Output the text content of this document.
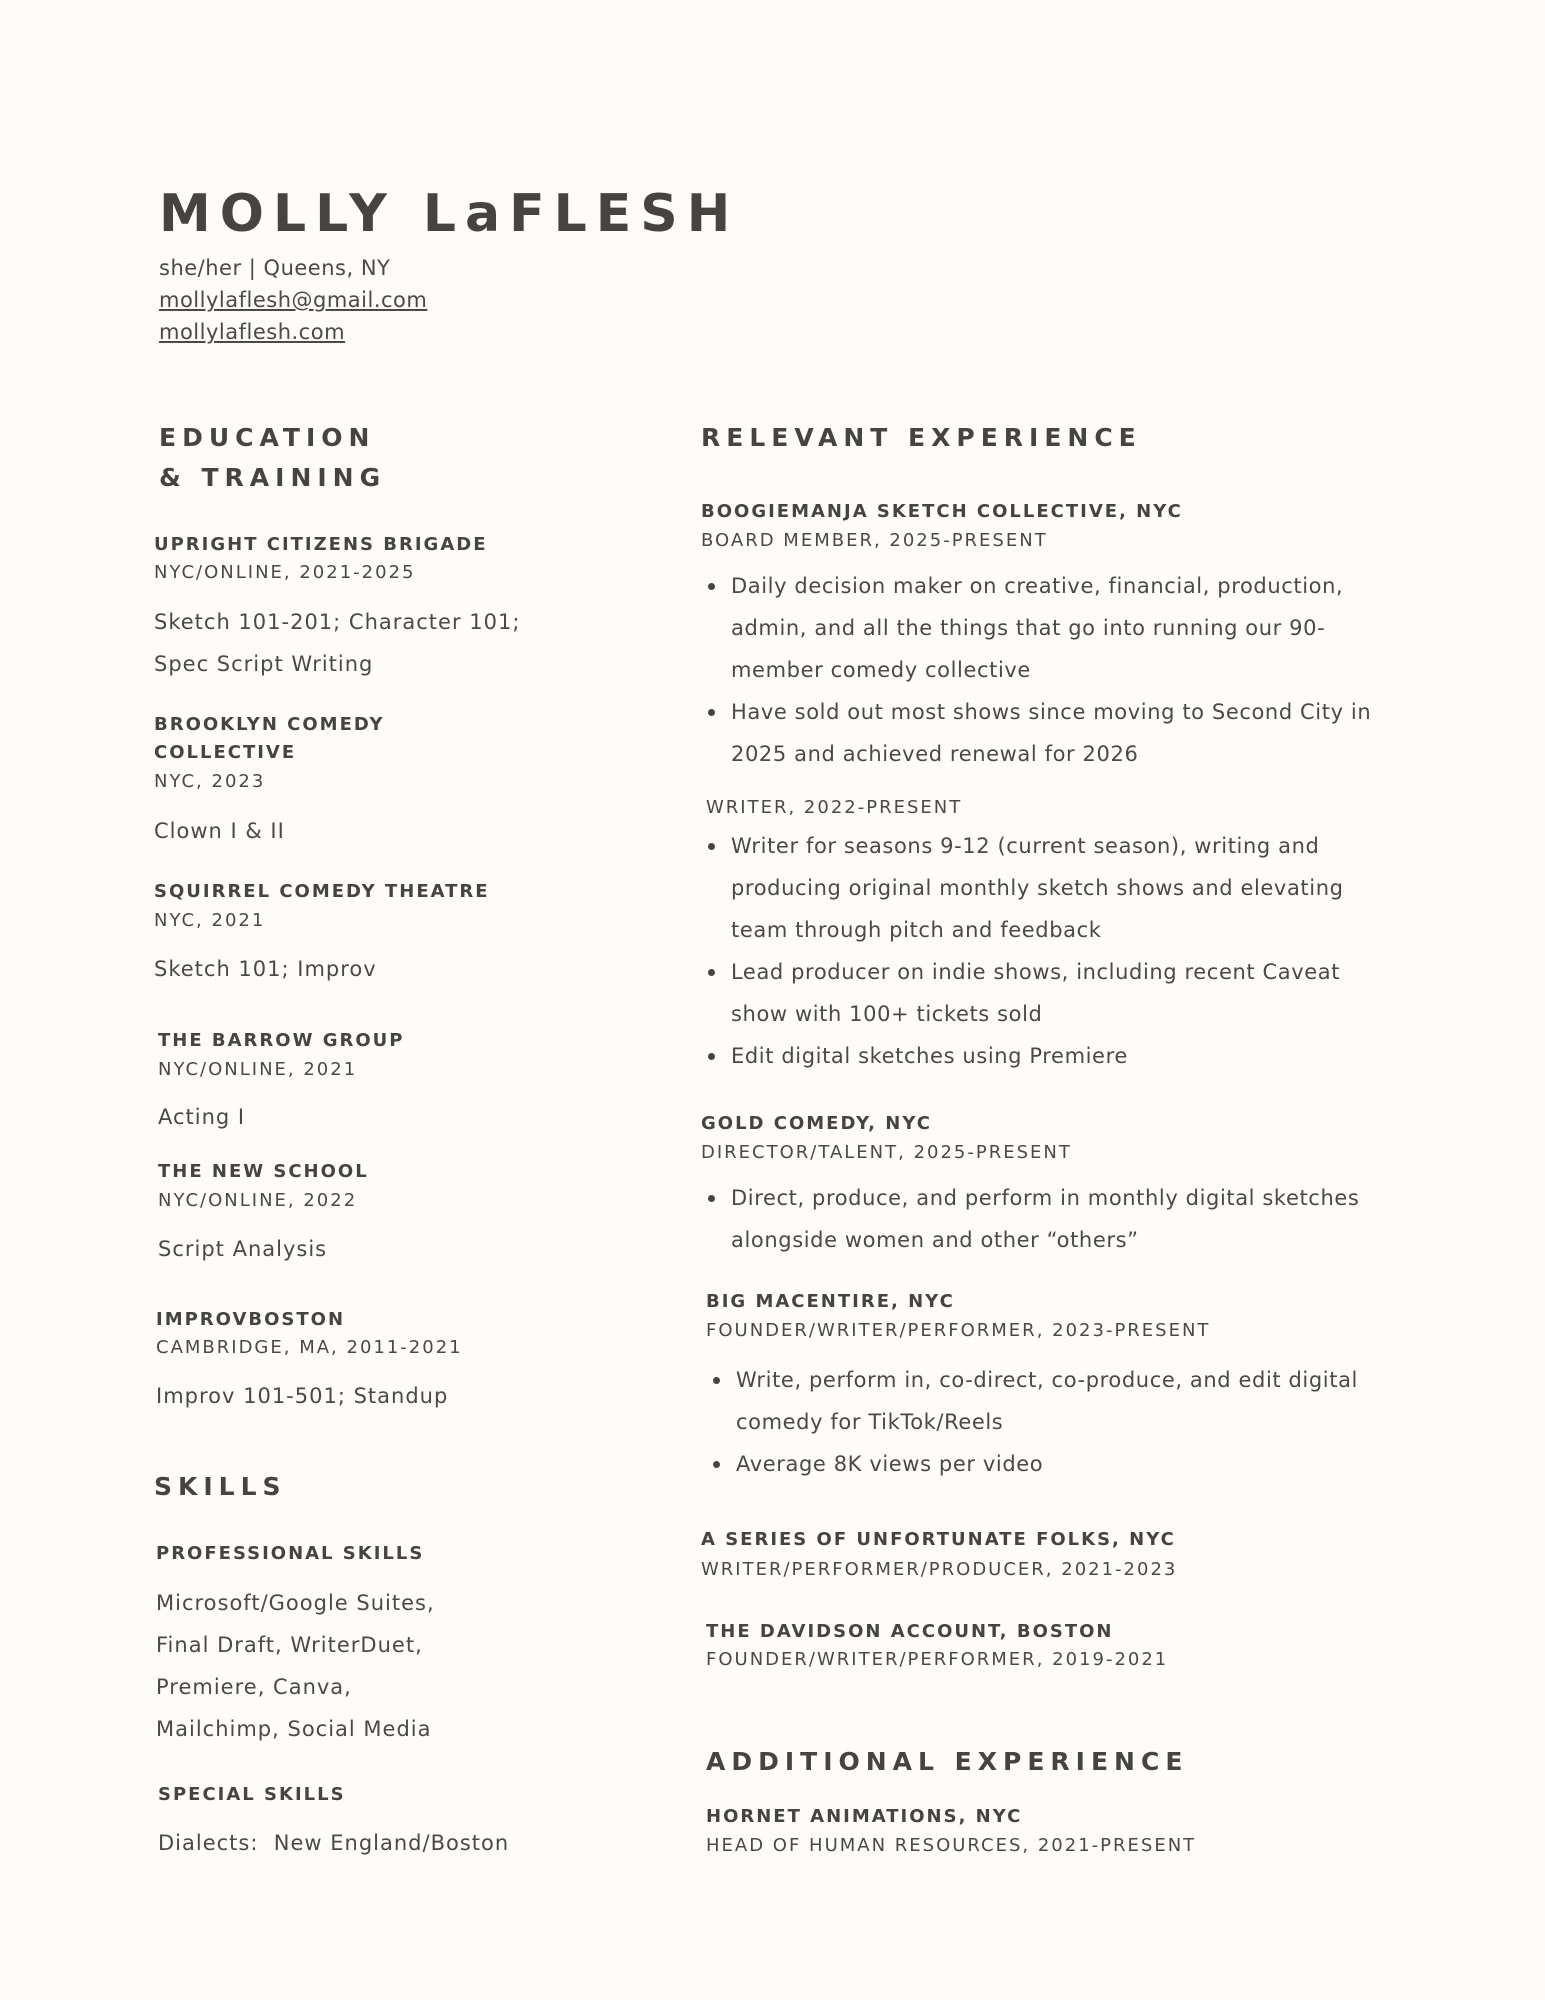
MOLLY LaFLESH
she/her | Queens, NY
mollylaflesh@gmail.com
mollylaflesh.com
EDUCATION
& TRAINING
UPRIGHT CITIZENS BRIGADE
NYC/ONLINE, 2021-2025
Sketch 101-201; Character 101; Spec Script Writing
BROOKLYN COMEDY
COLLECTIVE
NYC, 2023
Clown I & II
SQUIRREL COMEDY THEATRE
NYC, 2021
Sketch 101; Improv
THE BARROW GROUP
NYC/ONLINE, 2021
Acting I
THE NEW SCHOOL
NYC/ONLINE, 2022
Script Analysis
IMPROVBOSTON
CAMBRIDGE, MA, 2011-2021
Improv 101-501; Standup
SKILLS
PROFESSIONAL SKILLS
Microsoft/Google Suites,
Final Draft, WriterDuet,
Premiere, Canva,
Mailchimp, Social Media
SPECIAL SKILLS
Dialects:  New England/Boston
RELEVANT EXPERIENCE
BOOGIEMANJA SKETCH COLLECTIVE, NYC
BOARD MEMBER, 2025-PRESENT
Daily decision maker on creative, financial, production, admin, and all the things that go into running our 90-member comedy collective
Have sold out most shows since moving to Second City in 2025 and achieved renewal for 2026
WRITER, 2022-PRESENT
Writer for seasons 9-12 (current season), writing and producing original monthly sketch shows and elevating team through pitch and feedback
Lead producer on indie shows, including recent Caveat show with 100+ tickets sold
Edit digital sketches using Premiere
GOLD COMEDY, NYC
DIRECTOR/TALENT, 2025-PRESENT
Direct, produce, and perform in monthly digital sketches alongside women and other “others”
BIG MACENTIRE, NYC
FOUNDER/WRITER/PERFORMER, 2023-PRESENT
Write, perform in, co-direct, co-produce, and edit digital comedy for TikTok/Reels
Average 8K views per video
A SERIES OF UNFORTUNATE FOLKS, NYC
WRITER/PERFORMER/PRODUCER, 2021-2023
THE DAVIDSON ACCOUNT, BOSTON
FOUNDER/WRITER/PERFORMER, 2019-2021
ADDITIONAL EXPERIENCE
HORNET ANIMATIONS, NYC
HEAD OF HUMAN RESOURCES, 2021-PRESENT
